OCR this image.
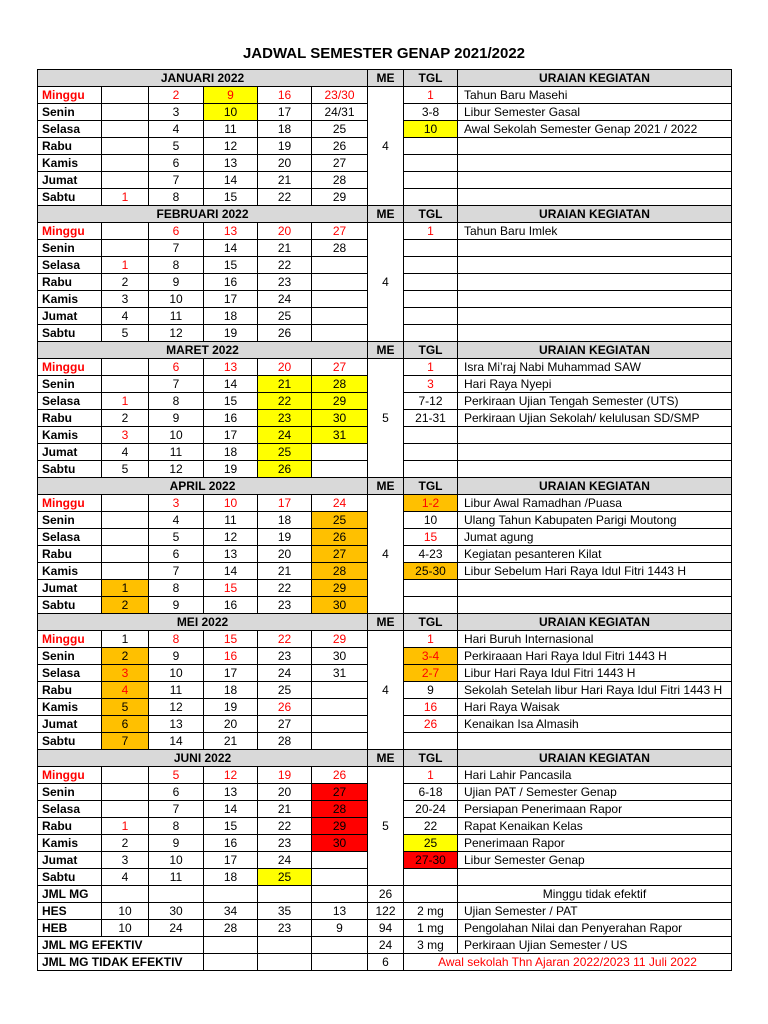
JADWAL SEMESTER GENAP 2021/2022
JANUARI 2022						ME	TGL	URAIAN KEGIATAN
Minggu		2	9	16	23/30	4	1	Tahun Baru Masehi
Senin		3	10	17	24/31		3-8	Libur Semester Gasal
Selasa		4	11	18	25		10	Awal Sekolah Semester Genap 2021 / 2022
Rabu		5	12	19	26			
Kamis		6	13	20	27			
Jumat		7	14	21	28			
Sabtu	1	8	15	22	29			
FEBRUARI 2022						ME	TGL	URAIAN KEGIATAN
Minggu		6	13	20	27	4	1	Tahun Baru Imlek
Senin		7	14	21	28			
Selasa	1	8	15	22				
Rabu	2	9	16	23				
Kamis	3	10	17	24				
Jumat	4	11	18	25				
Sabtu	5	12	19	26				
MARET 2022						ME	TGL	URAIAN KEGIATAN
Minggu		6	13	20	27	5	1	Isra Mi’raj Nabi Muhammad SAW
Senin		7	14	21	28		3	Hari Raya Nyepi
Selasa	1	8	15	22	29		7-12	Perkiraan Ujian Tengah Semester (UTS)
Rabu	2	9	16	23	30		21-31	Perkiraan Ujian Sekolah/ kelulusan SD/SMP
Kamis	3	10	17	24	31			
Jumat	4	11	18	25				
Sabtu	5	12	19	26				
APRIL 2022						ME	TGL	URAIAN KEGIATAN
Minggu		3	10	17	24	4	1-2	Libur Awal Ramadhan /Puasa
Senin		4	11	18	25		10	Ulang Tahun Kabupaten Parigi Moutong
Selasa		5	12	19	26		15	Jumat agung
Rabu		6	13	20	27		4-23	Kegiatan pesanteren Kilat
Kamis		7	14	21	28		25-30	Libur Sebelum Hari Raya Idul Fitri 1443 H
Jumat	1	8	15	22	29			
Sabtu	2	9	16	23	30			
MEI 2022						ME	TGL	URAIAN KEGIATAN
Minggu	1	8	15	22	29	4	1	Hari Buruh Internasional
Senin	2	9	16	23	30		3-4	Perkiraaan Hari Raya Idul Fitri 1443 H
Selasa	3	10	17	24	31		2-7	Libur Hari Raya Idul Fitri 1443 H
Rabu	4	11	18	25			9	Sekolah Setelah libur Hari Raya Idul Fitri 1443 H
Kamis	5	12	19	26			16	Hari Raya Waisak
Jumat	6	13	20	27			26	Kenaikan Isa Almasih
Sabtu	7	14	21	28				
JUNI 2022						ME	TGL	URAIAN KEGIATAN
Minggu		5	12	19	26	5	1	Hari Lahir Pancasila
Senin		6	13	20	27		6-18	Ujian PAT / Semester Genap
Selasa		7	14	21	28		20-24	Persiapan Penerimaan Rapor
Rabu	1	8	15	22	29		22	Rapat Kenaikan Kelas
Kamis	2	9	16	23	30		25	Penerimaan Rapor
Jumat	3	10	17	24			27-30	Libur Semester Genap
Sabtu	4	11	18	25				
JML MG						26		Minggu tidak efektif
HES	10	30	34	35	13	122	2 mg	Ujian Semester / PAT
HEB	10	24	28	23	9	94	1 mg	Pengolahan Nilai dan Penyerahan Rapor
JML MG EFEKTIV						24	3 mg	Perkiraan Ujian Semester / US
JML MG TIDAK EFEKTIV						6	Awal sekolah Thn Ajaran 2022/2023 11 Juli 2022	
